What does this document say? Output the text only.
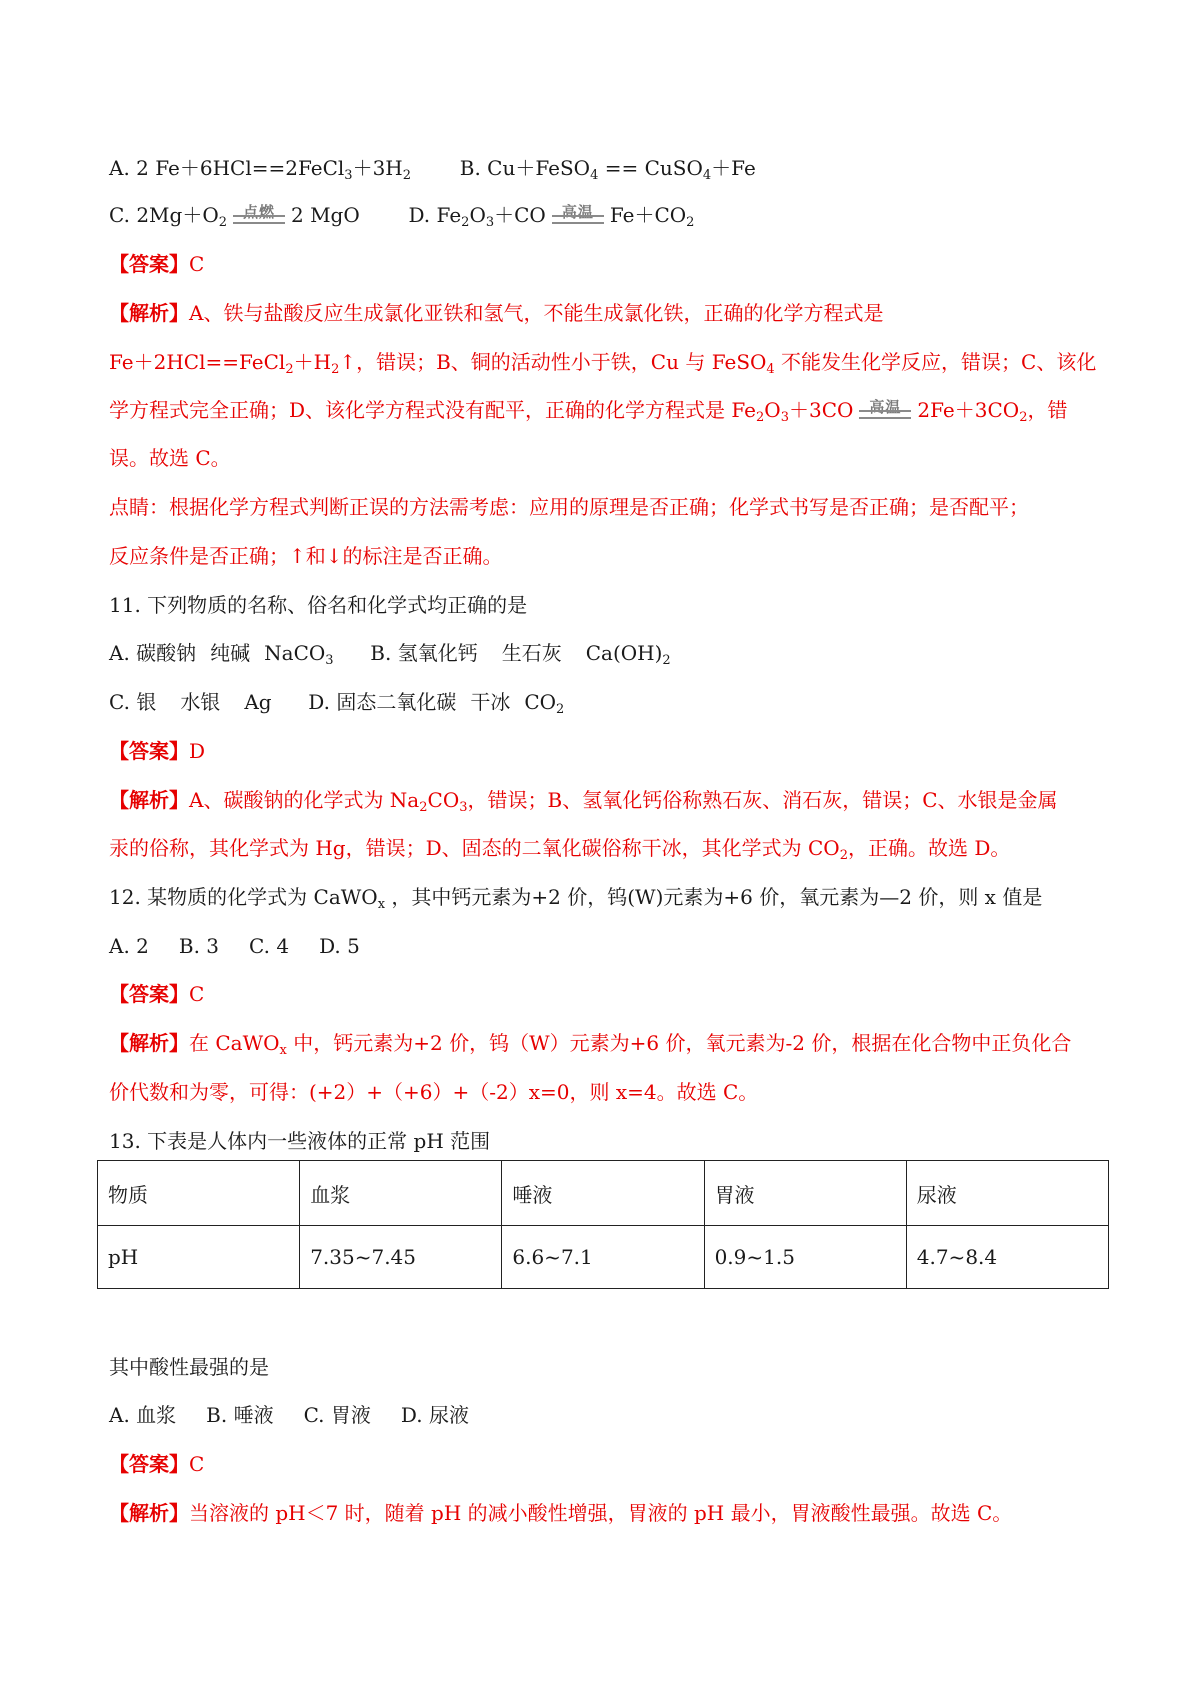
A. 2 $Fe+6HCl==2FeCl_3+3H_2$ B. Cu＋FeSO$_4$ == CuSO$_4$＋Fe
C. $2Mg+O_2$
点燃 2 MgO D. $Fe_2O_3+CO$	高温 $Fe+CO_2$
【答案】C
【解析】A、铁与盐酸反应生成氯化亚铁和氢气，不能生成氯化铁，正确的化学方程式是
$Fe+2HCl==FeCl_2+H_2↑$，错误；B、铜的活动性小于铁，Cu 与 FeSO$_4$ 不能发生化学反应，错误；C、该化
学方程式完全正确；D、该化学方程式没有配平，正确的化学方程式是 $Fe_2O_3+3CO$	高温 $2Fe+3CO_2$，错
误。故选 C。
点睛：根据化学方程式判断正误的方法需考虑：应用的原理是否正确；化学式书写是否正确；是否配平；
反应条件是否正确；↑和↓的标注是否正确。
11. 下列物质的名称、俗名和化学式均正确的是
A. 碳酸钠 纯碱 NaCO$_3$ B. 氢氧化钙 生石灰 $Ca(OH)_2$
C. 银 水银 Ag D. 固态二氧化碳 干冰 $CO_2$
【答案】D
【解析】A、碳酸钠的化学式为 $Na_2CO_3$，错误；B、氢氧化钙俗称熟石灰、消石灰，错误；C、水银是金属
汞的俗称，其化学式为 Hg，错误；D、固态的二氧化碳俗称干冰，其化学式为 $CO_2$，正确。故选 D。
12. 某物质的化学式为 CaWO$_x$ ，其中钙元素为+2 价，钨(W)元素为+6 价，氧元素为—2 价，则 x 值是
A. 2 B. 3 C. 4 D. 5
【答案】C
【解析】在 CaWO$_x$ 中，钙元素为+2 价，钨（W）元素为+6 价，氧元素为-2 价，根据在化合物中正负化合
价代数和为零，可得：(+2）+（+6）+（-2）x=0，则 x=4。故选 C。
13. 下表是人体内一些液体的正常 pH 范围
物质	血浆	唾液	胃液	尿液
pH	7.35~7.45	6.6~7.1	0.9~1.5	4.7~8.4
其中酸性最强的是
A. 血浆 B. 唾液 C. 胃液 D. 尿液
【答案】C
【解析】当溶液的 pH＜7 时，随着 pH 的减小酸性增强，胃液的 pH 最小，胃液酸性最强。故选 C。
